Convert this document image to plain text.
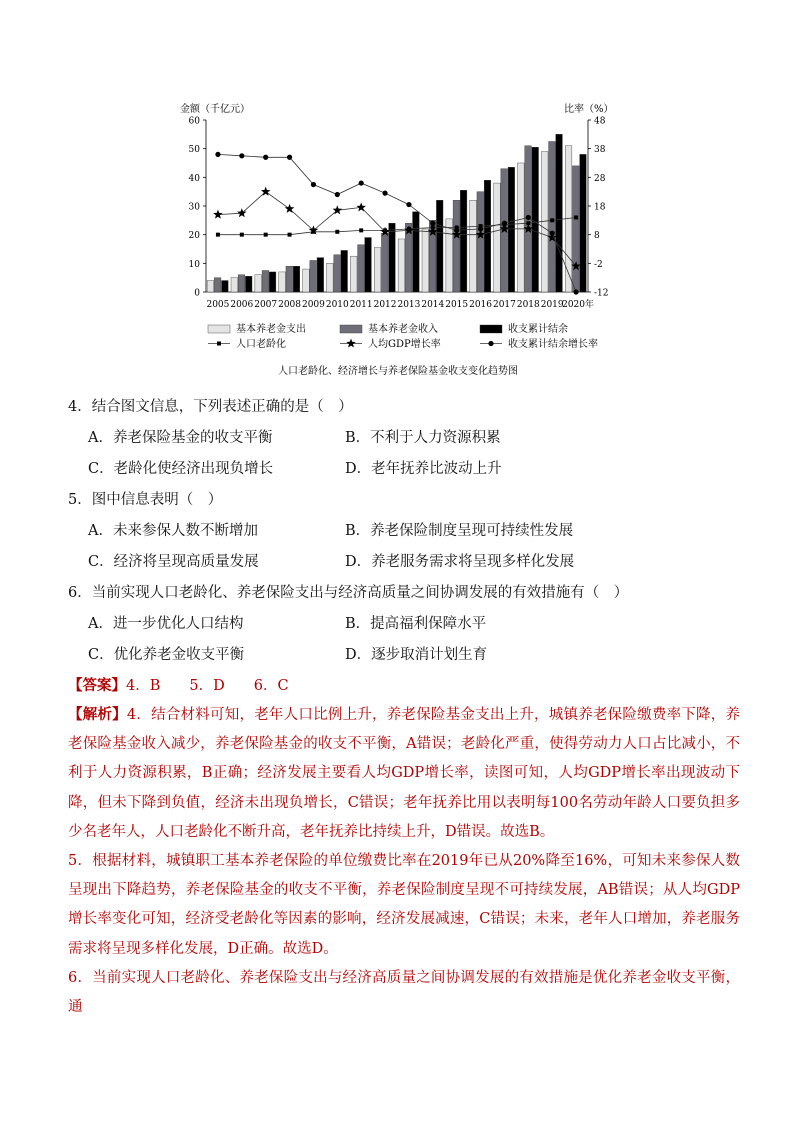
0
10
20
30
40
50
60
-12
-2
8
18
28
38
48
金额（千亿元）	比率（%）
2005 2006 2007 2008 2009 2010 2011 2012 2013 2014 2015 2016 2017 2018 2019
2020年
基本养老金支出	基本养老金收入	收支累计结余
人口老龄化	人均GDP增长率	收支累计结余增长率
人口老龄化、经济增长与养老保险基金收支变化趋势图
4．结合图文信息，下列表述正确的是（　）
A．养老保险基金的收支平衡	B．不利于人力资源积累
C．老龄化使经济出现负增长	D．老年抚养比波动上升
5．图中信息表明（　）
A．未来参保人数不断增加	B．养老保险制度呈现可持续性发展
C．经济将呈现高质量发展	D．养老服务需求将呈现多样化发展
6．当前实现人口老龄化、养老保险支出与经济高质量之间协调发展的有效措施有（　）
A．进一步优化人口结构	B．提高福利保障水平
C．优化养老金收支平衡	D．逐步取消计划生育
【答案】4．B　　5．D　　6．C

【解析】4．结合材料可知，老年人口比例上升，养老保险基金支出上升，城镇养老保险缴费率下降，养老保险基金收入减少，养老保险基金的收支不平衡，A错误；老龄化严重，使得劳动力人口占比减小，不利于人力资源积累，B正确；经济发展主要看人均GDP增长率，读图可知，人均GDP增长率出现波动下降，但未下降到负值，经济未出现负增长，C错误；老年抚养比用以表明每100名劳动年龄人口要负担多少名老年人，人口老龄化不断升高，老年抚养比持续上升，D错误。故选B。

5．根据材料，城镇职工基本养老保险的单位缴费比率在2019年已从20%降至16%，可知未来参保人数呈现出下降趋势，养老保险基金的收支不平衡，养老保险制度呈现不可持续发展，AB错误；从人均GDP增长率变化可知，经济受老龄化等因素的影响，经济发展减速，C错误；未来，老年人口增加，养老服务需求将呈现多样化发展，D正确。故选D。

6．当前实现人口老龄化、养老保险支出与经济高质量之间协调发展的有效措施是优化养老金收支平衡，通
